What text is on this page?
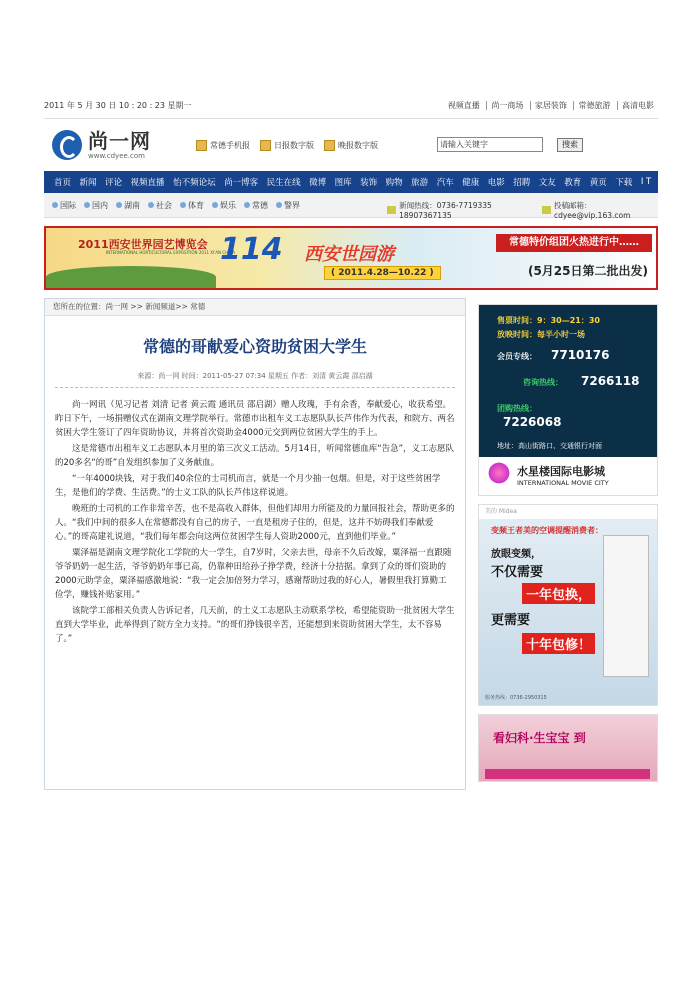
2011 年 5 月 30 日 10 : 20 : 23 星期一	视频直播 尚一商场 家居装饰 常德旅游 高清电影
尚一网
www.cdyee.com
常德手机报	日报数字版	晚报数字版	请输入关键字	搜索
首页 新闻 评论 视频直播 怡不频论坛 尚一博客 民生在线 微博 图库 装饰 购物 旅游 汽车 健康 电影 招聘 文友 教育 黄页 下载 I T
国际 国内 湖南 社会 体育 娱乐 常德 警界	新闻热线：0736-7719335 18907367135
投稿邮箱：cdyee@vip.163.com
2011西安世界园艺博览会
INTERNATIONAL HORTICULTURAL EXPOSITION 2011 XI'AN CHINA
114 西安世园游
( 2011.4.28—10.22 )
常德特价组团火热进行中……
(5月25日第二批出发)
您所在的位置：尚一网 >> 新闻频道>> 常德
常德的哥献爱心资助贫困大学生
来源：尚一网 时间：2011-05-27 07:34 星期五 作者：刘清 黄云霞 邵启湖

尚一网讯（见习记者 刘清 记者 黄云霞 通讯员 邵启湖）赠人玫瑰，手有余香，奉献爱心，收获希望。昨日下午，一场捐赠仪式在湖南文理学院举行。常德市出租车义工志愿队队长芦伟作为代表，和院方、两名贫困大学生签订了四年资助协议，并将首次资助金4000元交到两位贫困大学生的手上。

这是常德市出租车义工志愿队本月里的第三次义工活动。5月14日，听闻常德血库“告急”，义工志愿队的20多名“的哥”自发组织参加了义务献血。

“一年4000块钱，对于我们40余位的士司机而言，就是一个月少抽一包烟。但是，对于这些贫困学生，是他们的学费、生活费。”的士义工队的队长芦伟这样说道。

晚班的士司机的工作非常辛苦，也不是高收入群体，但他们却用力所能及的力量回报社会，帮助更多的人。“我们中间的很多人在常德都没有自己的房子，一直是租房子住的，但是，这并不妨碍我们奉献爱心。”的哥高建礼说道，“我们每年都会向这两位贫困学生每人资助2000元，直到他们毕业。”

粟泽福是湖南文理学院化工学院的大一学生，自7岁时，父亲去世，母亲不久后改嫁，粟泽福一直跟随爷爷奶奶一起生活，爷爷奶奶年事已高，仍靠种田给孙子挣学费，经济十分拮据。拿到了众的哥们资助的2000元助学金，粟泽福感激地说：“我一定会加倍努力学习，感谢帮助过我的好心人，暑假里我打算勤工俭学，赚钱补贴家用。”

该院学工部相关负责人告诉记者，几天前，的士义工志愿队主动联系学校，希望能资助一批贫困大学生直到大学毕业，此举得到了院方全力支持。“的哥们挣钱很辛苦，还能想到来资助贫困大学生，太不容易了。”

售票时间：9：30—21：30
放映时间：每半小时一场
会员专线： 7710176
咨询热线： 7266118
团购热线：
7226068
地址：高山街路口、交通银行对面
水星楼国际电影城
INTERNATIONAL MOVIE CITY
美的 Midea
变频王者美的空调提醒消费者：
放眼变频，
不仅需要
一年包换，
更需要
十年包修！
服务热线：0736-2950315
看妇科·生宝宝 到
